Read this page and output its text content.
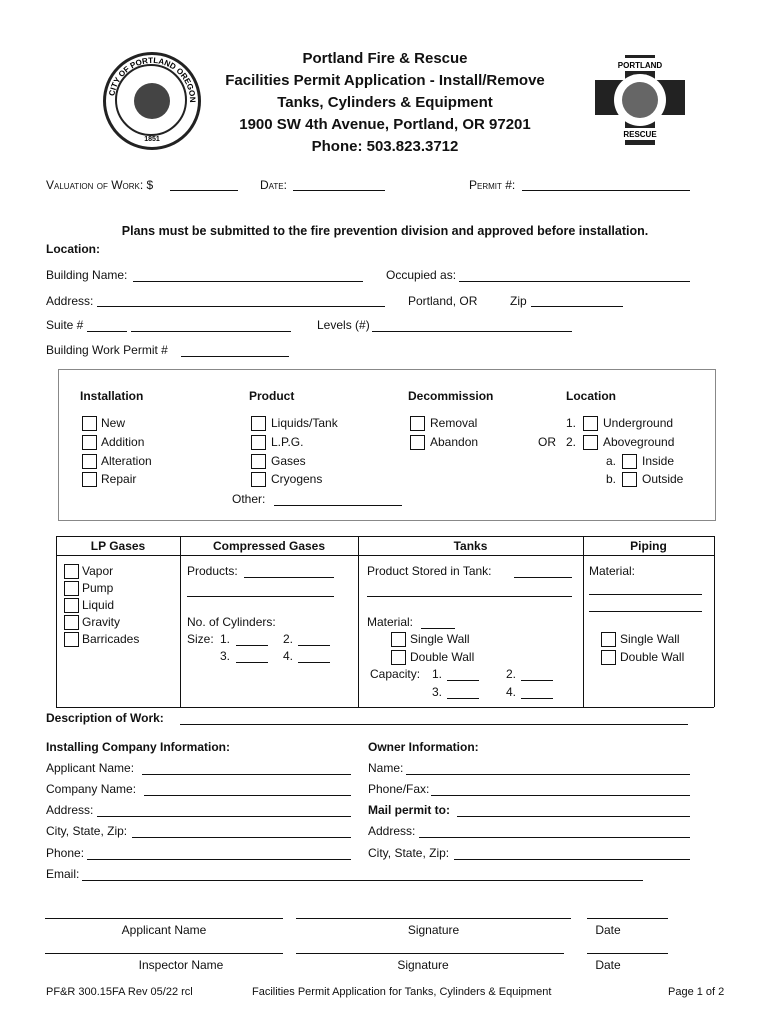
CITY OF PORTLAND OREGON
1851
PORTLAND
FIRE
RESCUE
Portland Fire & Rescue
Facilities Permit Application - Install/Remove
Tanks, Cylinders & Equipment
1900 SW 4th Avenue, Portland, OR 97201
Phone: 503.823.3712
Valuation of Work: $	Date:	Permit #:
Plans must be submitted to the fire prevention division and approved before installation.
Location:
Building Name:	Occupied as:
Address:	Portland, OR	Zip
Suite #	Levels (#)
Building Work Permit #
Installation
New
Addition
Alteration
Repair
Product
Liquids/Tank
L.P.G.
Gases
Cryogens
Other:
Decommission
Removal
Abandon
Location
1. Underground
OR 2. Aboveground
a. Inside
b. Outside
LP Gases	Compressed Gases	Tanks	Piping
Vapor
Pump
Liquid
Gravity
Barricades
Products:
No. of Cylinders:
Size: 1.	2.
3.	4.
Product Stored in Tank:
Material:
Single Wall
Double Wall
Capacity: 1.	2.
3.	4.
Material:
Single Wall
Double Wall
Description of Work:
Installing Company Information:	Owner Information:
Applicant Name:
Company Name:
Address:
City, State, Zip:
Phone:
Email:
Name:
Phone/Fax:
Mail permit to:
Address:
City, State, Zip:
Applicant Name	Signature	Date
Inspector Name	Signature	Date
PF&R 300.15FA Rev 05/22 rcl	Facilities Permit Application for Tanks, Cylinders & Equipment	Page 1 of 2
